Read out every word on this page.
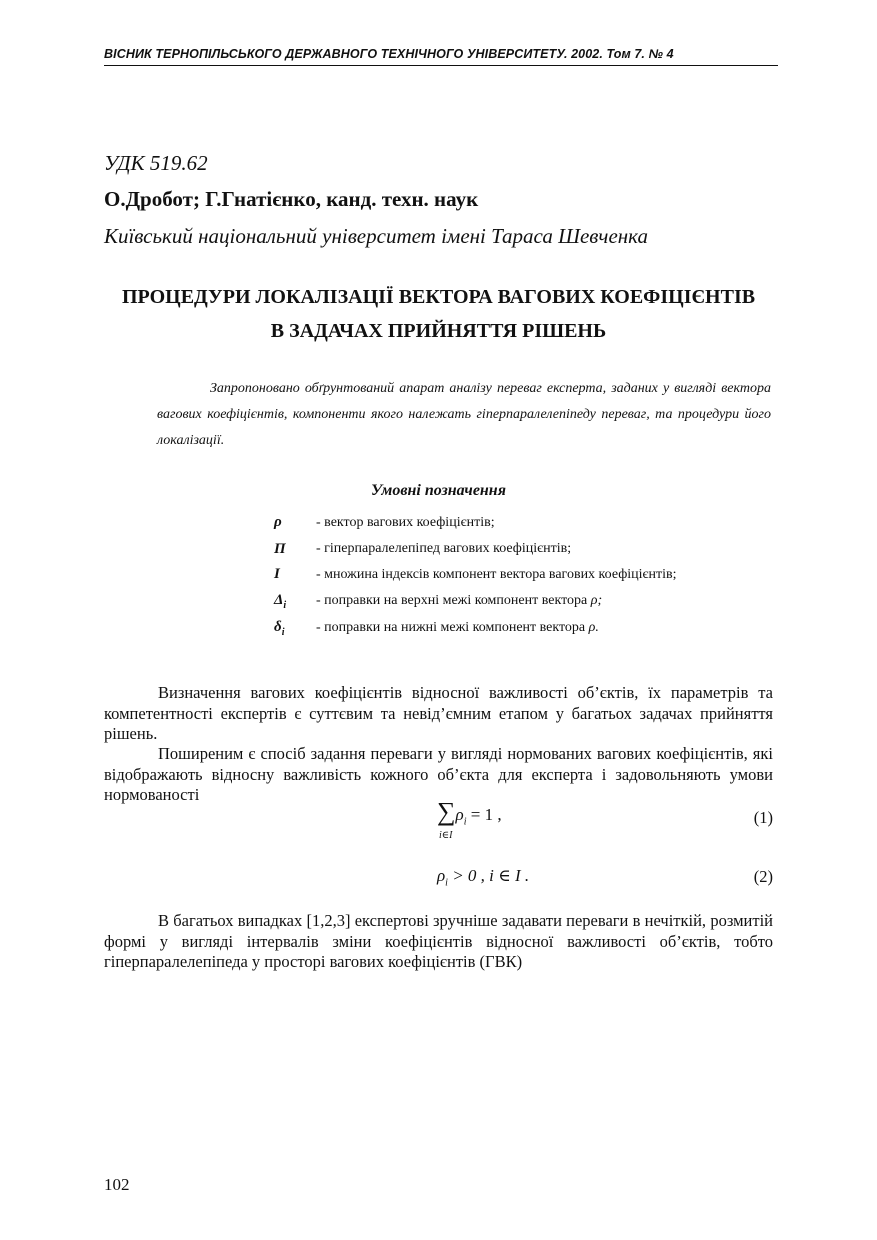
ВІСНИК ТЕРНОПІЛЬСЬКОГО ДЕРЖАВНОГО ТЕХНІЧНОГО УНІВЕРСИТЕТУ. 2002. Том 7. № 4
УДК 519.62
О.Дробот; Г.Гнатієнко, канд. техн. наук
Київський національний університет імені Тараса Шевченка
ПРОЦЕДУРИ ЛОКАЛІЗАЦІЇ ВЕКТОРА ВАГОВИХ КОЕФІЦІЄНТІВ
В ЗАДАЧАХ ПРИЙНЯТТЯ РІШЕНЬ
Запропоновано обґрунтований апарат аналізу переваг експерта, заданих у вигляді вектора вагових коефіцієнтів, компоненти якого належать гіперпаралелепіпеду переваг, та процедури його локалізації.
Умовні позначення
ρ - вектор вагових коефіцієнтів;
П - гіперпаралелепіпед вагових коефіцієнтів;
I	- множина індексів компонент вектора вагових коефіцієнтів;
$\Delta_i$ - поправки на верхні межі компонент вектора ρ;
$\delta_i$ - поправки на нижні межі компонент вектора ρ.
Визначення вагових коефіцієнтів відносної важливості об’єктів, їх параметрів та компетентності експертів є суттєвим та невід’ємним етапом у багатьох задачах прийняття рішень.
Поширеним є спосіб задання переваги у вигляді нормованих вагових коефіцієнтів, які відображають відносну важливість кожного об’єкта для експерта і задовольняють умови нормованості
$\sum\rho_i = 1$ ,
i∈I
(1)
$\rho_i > 0$ , i ∈ I .	(2)
В багатьох випадках [1,2,3] експертові зручніше задавати переваги в нечіткій, розмитій формі у вигляді інтервалів зміни коефіцієнтів відносної важливості об’єктів, тобто гіперпаралелепіпеда у просторі вагових коефіцієнтів (ГВК)
102
